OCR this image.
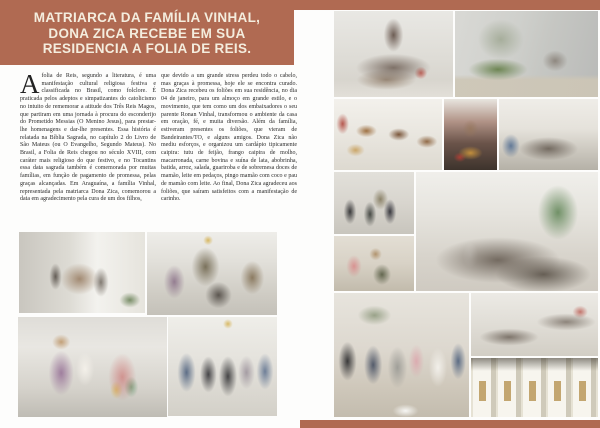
MATRIARCA DA FAMÍLIA VINHAL,
DONA ZICA RECEBE EM SUA
RESIDENCIA A FOLIA DE REIS.

Afolia de Reis, segundo a literatura, é uma manifestação cultural religiosa festiva e classificada no Brasil, como folclore. É praticada pelos adeptos e simpatizantes do catolicismo no intuito de rememorar a atitude dos Três Reis Magos, que partiram em uma jornada à procura do esconderijo do Prometido Messias (O Menino Jesus), para prestar-lhe homenagens e dar-lhe presentes. Essa história é relatada na Bíblia Sagrada, no capítulo 2 do Livro de São Mateus (ou O Evangelho, Segundo Mateus). No Brasil, a Folia de Reis chegou no século XVIII, com caráter mais religioso do que festivo, e no Tocantins essa data sagrada também é comemorada por muitas famílias, em função de pagamento de promessa, pelas graças alcançadas. Em Araguaína, a família Vinhal, representada pela matriarca Dona Zica, comemorou a data em agradecimento pela cura de um dos filhos,

que devido a um grande stress perdeu todo o cabelo, mas graças à promessa, hoje ele se encontra curado. Dona Zica recebeu os foliões em sua residência, no dia 04 de janeiro, para um almoço em grande estilo, e o movimento, que tem como um dos embaixadores o seu parente Ronan Vinhal, transformou o ambiente da casa em oração, fé, e muita diversão. Além da família, estiveram presentes os foliões, que vieram de Bandeirantes/TO, e alguns amigos. Dona Zica não mediu esforços, e organizou um cardápio tipicamente caipira: tutu de feijão, frango caipira de molho, macarronada, carne bovina e suína de lata, abobrinha, batida, arroz, salada, guariroba e de sobremesa doces de mamão, leite em pedaços, pingo mamão com coco e pau de mamão com leite. Ao final, Dona Zica agradeceu aos foliões, que saíram satisfeitos com a manifestação de carinho.
